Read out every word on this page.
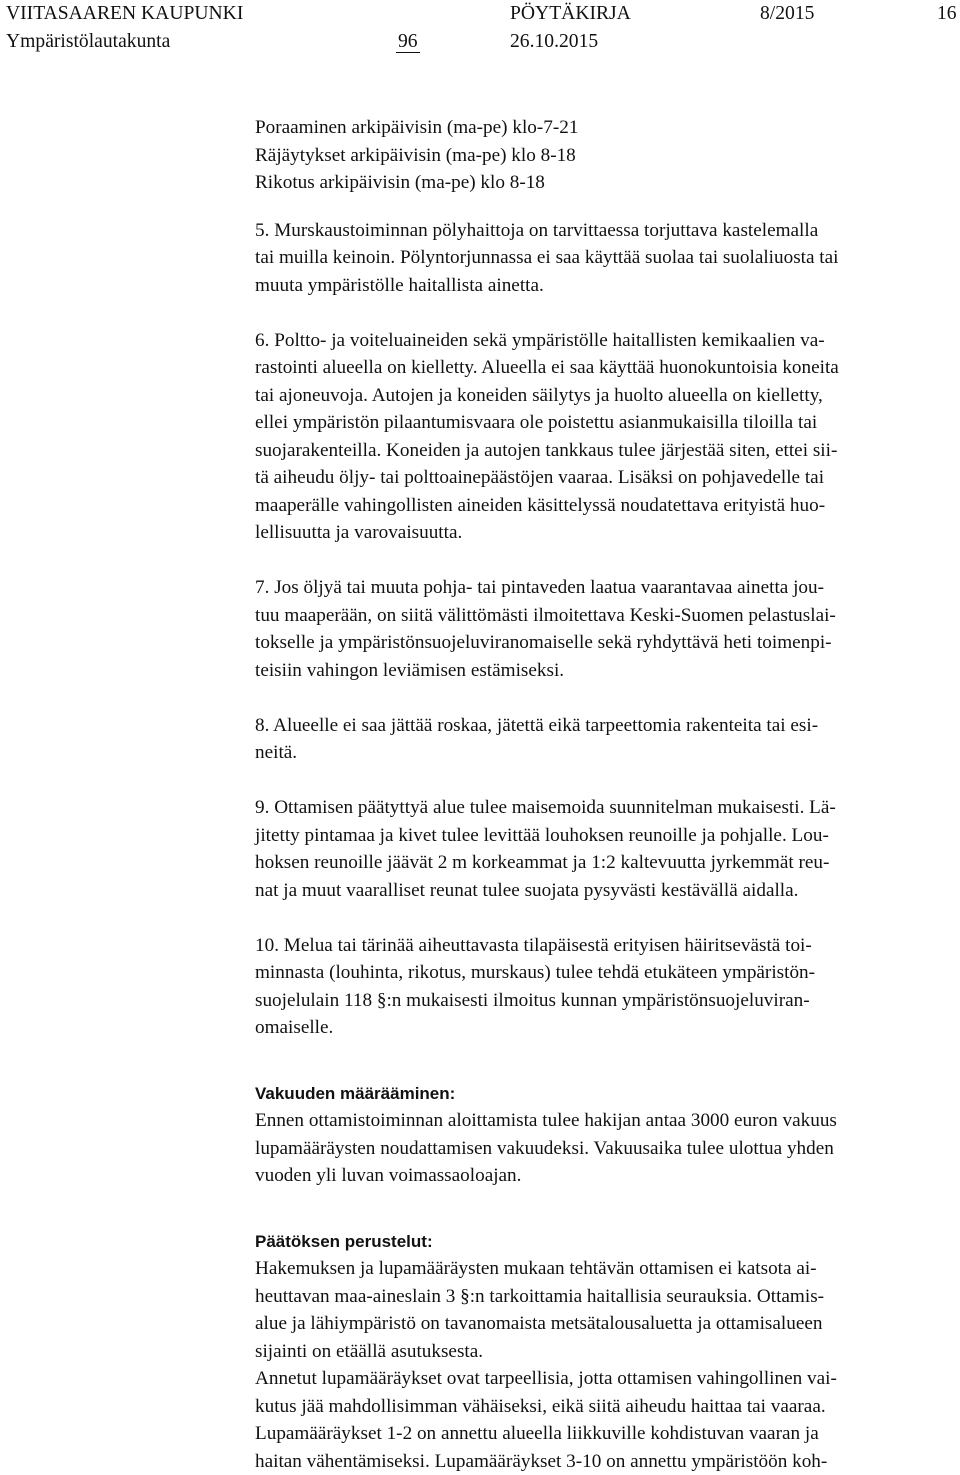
VIITASAAREN KAUPUNKI	PÖYTÄKIRJA	8/2015	16
Ympäristölautakunta	96	26.10.2015
Poraaminen arkipäivisin (ma-pe) klo-7-21
Räjäytykset arkipäivisin (ma-pe) klo 8-18
Rikotus arkipäivisin (ma-pe) klo 8-18
5. Murskaustoiminnan pölyhaittoja on tarvittaessa torjuttava kastelemalla
tai muilla keinoin. Pölyntorjunnassa ei saa käyttää suolaa tai suolaliuosta tai
muuta ympäristölle haitallista ainetta.
6. Poltto- ja voiteluaineiden sekä ympäristölle haitallisten kemikaalien va-
rastointi alueella on kielletty. Alueella ei saa käyttää huonokuntoisia koneita
tai ajoneuvoja. Autojen ja koneiden säilytys ja huolto alueella on kielletty,
ellei ympäristön pilaantumisvaara ole poistettu asianmukaisilla tiloilla tai
suojarakenteilla. Koneiden ja autojen tankkaus tulee järjestää siten, ettei sii-
tä aiheudu öljy- tai polttoainepäästöjen vaaraa. Lisäksi on pohjavedelle tai
maaperälle vahingollisten aineiden käsittelyssä noudatettava erityistä huo-
lellisuutta ja varovaisuutta.
7. Jos öljyä tai muuta pohja- tai pintaveden laatua vaarantavaa ainetta jou-
tuu maaperään, on siitä välittömästi ilmoitettava Keski-Suomen pelastuslai-
tokselle ja ympäristönsuojeluviranomaiselle sekä ryhdyttävä heti toimenpi-
teisiin vahingon leviämisen estämiseksi.
8. Alueelle ei saa jättää roskaa, jätettä eikä tarpeettomia rakenteita tai esi-
neitä.
9. Ottamisen päätyttyä alue tulee maisemoida suunnitelman mukaisesti. Lä-
jitetty pintamaa ja kivet tulee levittää louhoksen reunoille ja pohjalle. Lou-
hoksen reunoille jäävät 2 m korkeammat ja 1:2 kaltevuutta jyrkemmät reu-
nat ja muut vaaralliset reunat tulee suojata pysyvästi kestävällä aidalla.
10. Melua tai tärinää aiheuttavasta tilapäisestä erityisen häiritsevästä toi-
minnasta (louhinta, rikotus, murskaus) tulee tehdä etukäteen ympäristön-
suojelulain 118 §:n mukaisesti ilmoitus kunnan ympäristönsuojeluviran-
omaiselle.
Vakuuden määrääminen:
Ennen ottamistoiminnan aloittamista tulee hakijan antaa 3000 euron vakuus
lupamääräysten noudattamisen vakuudeksi. Vakuusaika tulee ulottua yhden
vuoden yli luvan voimassaoloajan.
Päätöksen perustelut:
Hakemuksen ja lupamääräysten mukaan tehtävän ottamisen ei katsota ai-
heuttavan maa-aineslain 3 §:n tarkoittamia haitallisia seurauksia. Ottamis-
alue ja lähiympäristö on tavanomaista metsätalousaluetta ja ottamisalueen
sijainti on etäällä asutuksesta.
Annetut lupamääräykset ovat tarpeellisia, jotta ottamisen vahingollinen vai-
kutus jää mahdollisimman vähäiseksi, eikä siitä aiheudu haittaa tai vaaraa.
Lupamääräykset 1-2 on annettu alueella liikkuville kohdistuvan vaaran ja
haitan vähentämiseksi. Lupamääräykset 3-10 on annettu ympäristöön koh-
